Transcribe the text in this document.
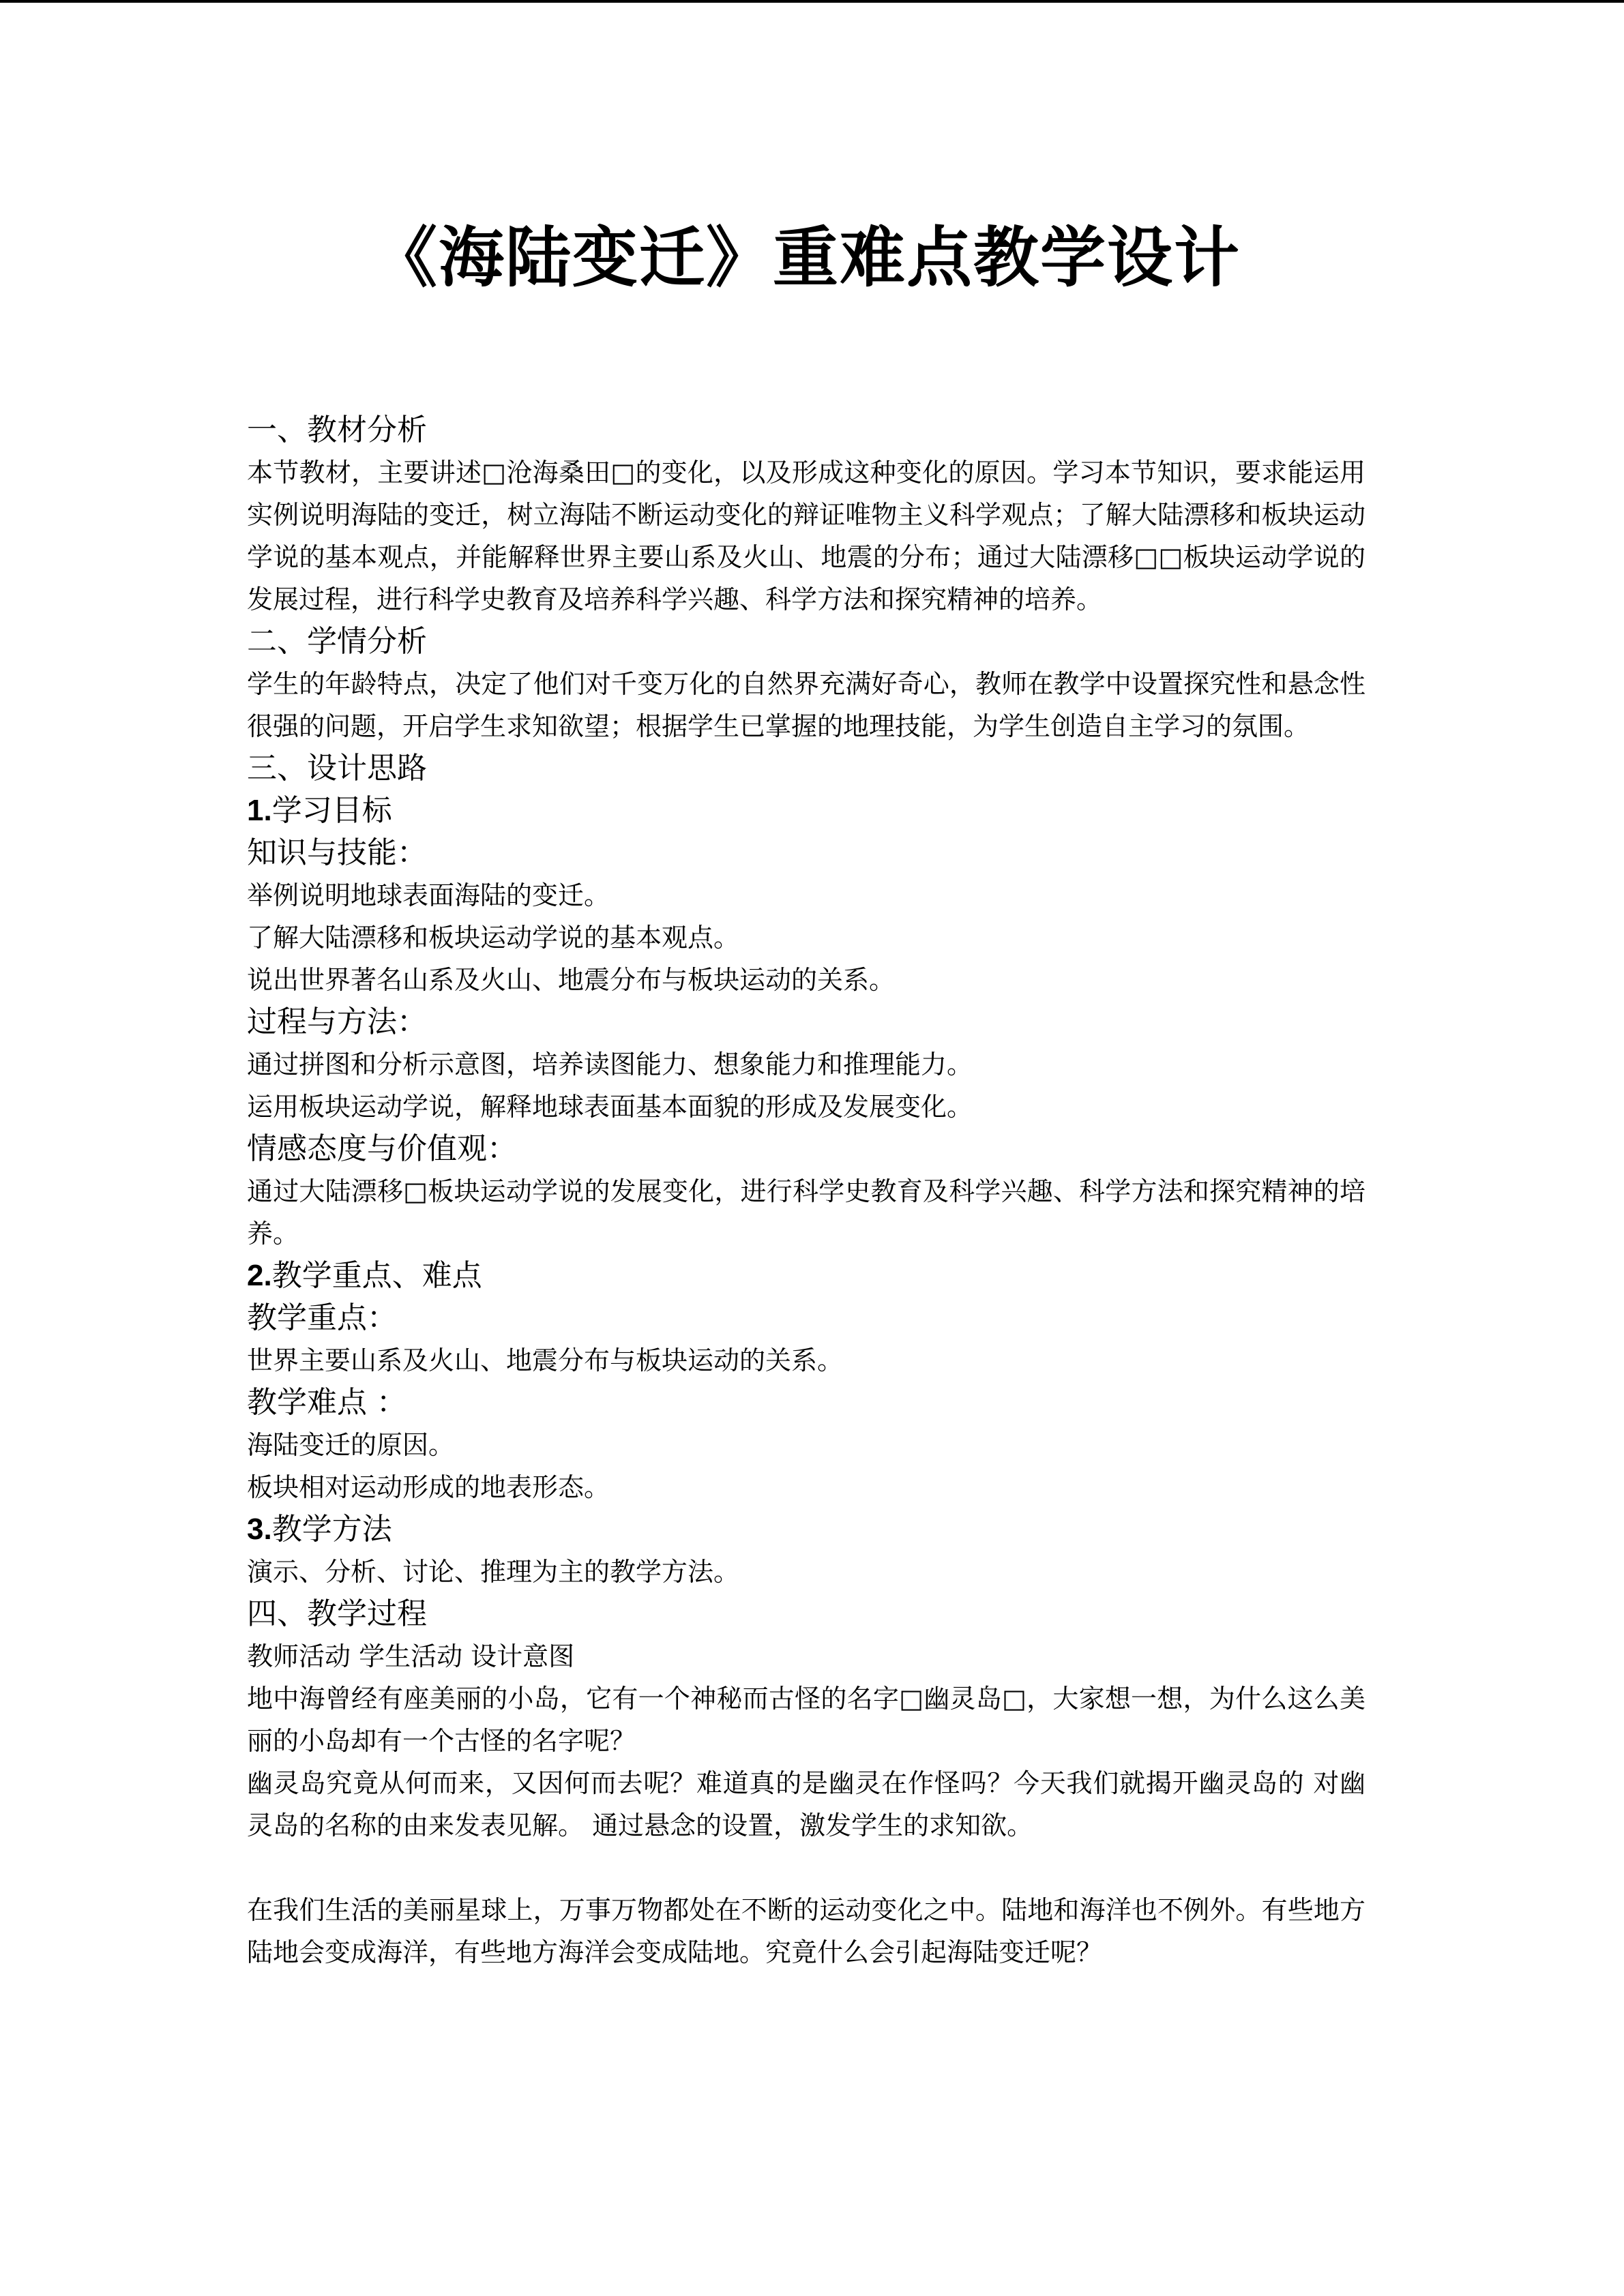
《海陆变迁》重难点教学设计
一、教材分析
本节教材，主要讲述□沧海桑田□的变化，以及形成这种变化的原因。学习本节知识，要求能运用实例说明海陆的变迁，树立海陆不断运动变化的辩证唯物主义科学观点；了解大陆漂移和板块运动学说的基本观点，并能解释世界主要山系及火山、地震的分布；通过大陆漂移□□板块运动学说的发展过程，进行科学史教育及培养科学兴趣、科学方法和探究精神的培养。
二、学情分析
学生的年龄特点，决定了他们对千变万化的自然界充满好奇心，教师在教学中设置探究性和悬念性很强的问题，开启学生求知欲望；根据学生已掌握的地理技能，为学生创造自主学习的氛围。
三、设计思路
1.学习目标
知识与技能：
举例说明地球表面海陆的变迁。
了解大陆漂移和板块运动学说的基本观点。
说出世界著名山系及火山、地震分布与板块运动的关系。
过程与方法：
通过拼图和分析示意图，培养读图能力、想象能力和推理能力。
运用板块运动学说，解释地球表面基本面貌的形成及发展变化。
情感态度与价值观：
通过大陆漂移□板块运动学说的发展变化，进行科学史教育及科学兴趣、科学方法和探究精神的培养。
2.教学重点、难点
教学重点：
世界主要山系及火山、地震分布与板块运动的关系。
教学难点 ：
海陆变迁的原因。
板块相对运动形成的地表形态。
3.教学方法
演示、分析、讨论、推理为主的教学方法。
四、教学过程
教师活动 学生活动 设计意图
地中海曾经有座美丽的小岛，它有一个神秘而古怪的名字□幽灵岛□，大家想一想，为什么这么美丽的小岛却有一个古怪的名字呢？
幽灵岛究竟从何而来，又因何而去呢？难道真的是幽灵在作怪吗？今天我们就揭开幽灵岛的 对幽灵岛的名称的由来发表见解。 通过悬念的设置，激发学生的求知欲。
在我们生活的美丽星球上，万事万物都处在不断的运动变化之中。陆地和海洋也不例外。有些地方陆地会变成海洋，有些地方海洋会变成陆地。究竟什么会引起海陆变迁呢？
